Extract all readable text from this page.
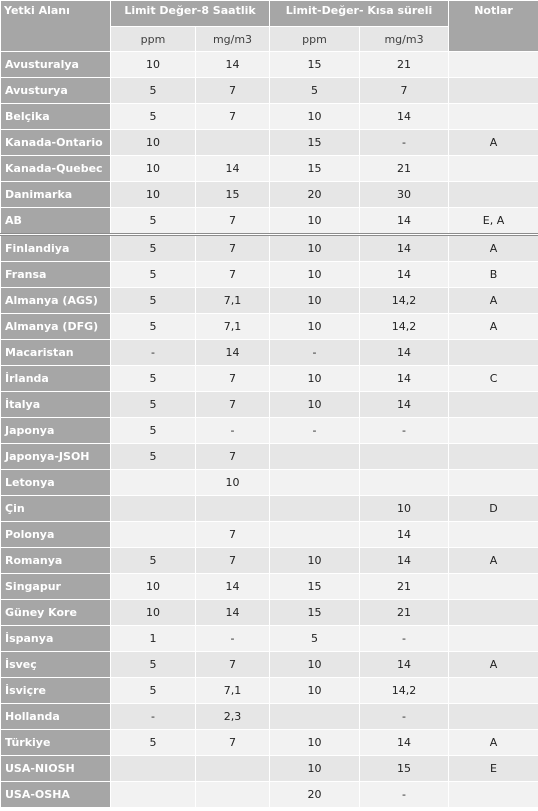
Yetki Alanı	Limit Değer-8 Saatlik		Limit-Değer- Kısa süreli		Notlar
	ppm	mg/m3	ppm	mg/m3	
Avusturalya	10	14	15	21	
Avusturya	5	7	5	7	
Belçika	5	7	10	14	
Kanada-Ontario	10		15	-	A
Kanada-Quebec	10	14	15	21	
Danimarka	10	15	20	30	
AB	5	7	10	14	E, A
Finlandiya	5	7	10	14	A
Fransa	5	7	10	14	B
Almanya (AGS)	5	7,1	10	14,2	A
Almanya (DFG)	5	7,1	10	14,2	A
Macaristan	-	14	-	14	
İrlanda	5	7	10	14	C
İtalya	5	7	10	14	
Japonya	5	-	-	-	
Japonya-JSOH	5	7			
Letonya		10			
Çin				10	D
Polonya		7		14	
Romanya	5	7	10	14	A
Singapur	10	14	15	21	
Güney Kore	10	14	15	21	
İspanya	1	-	5	-	
İsveç	5	7	10	14	A
İsviçre	5	7,1	10	14,2	
Hollanda	-	2,3		-	
Türkiye	5	7	10	14	A
USA-NIOSH			10	15	E
USA-OSHA			20	-	
